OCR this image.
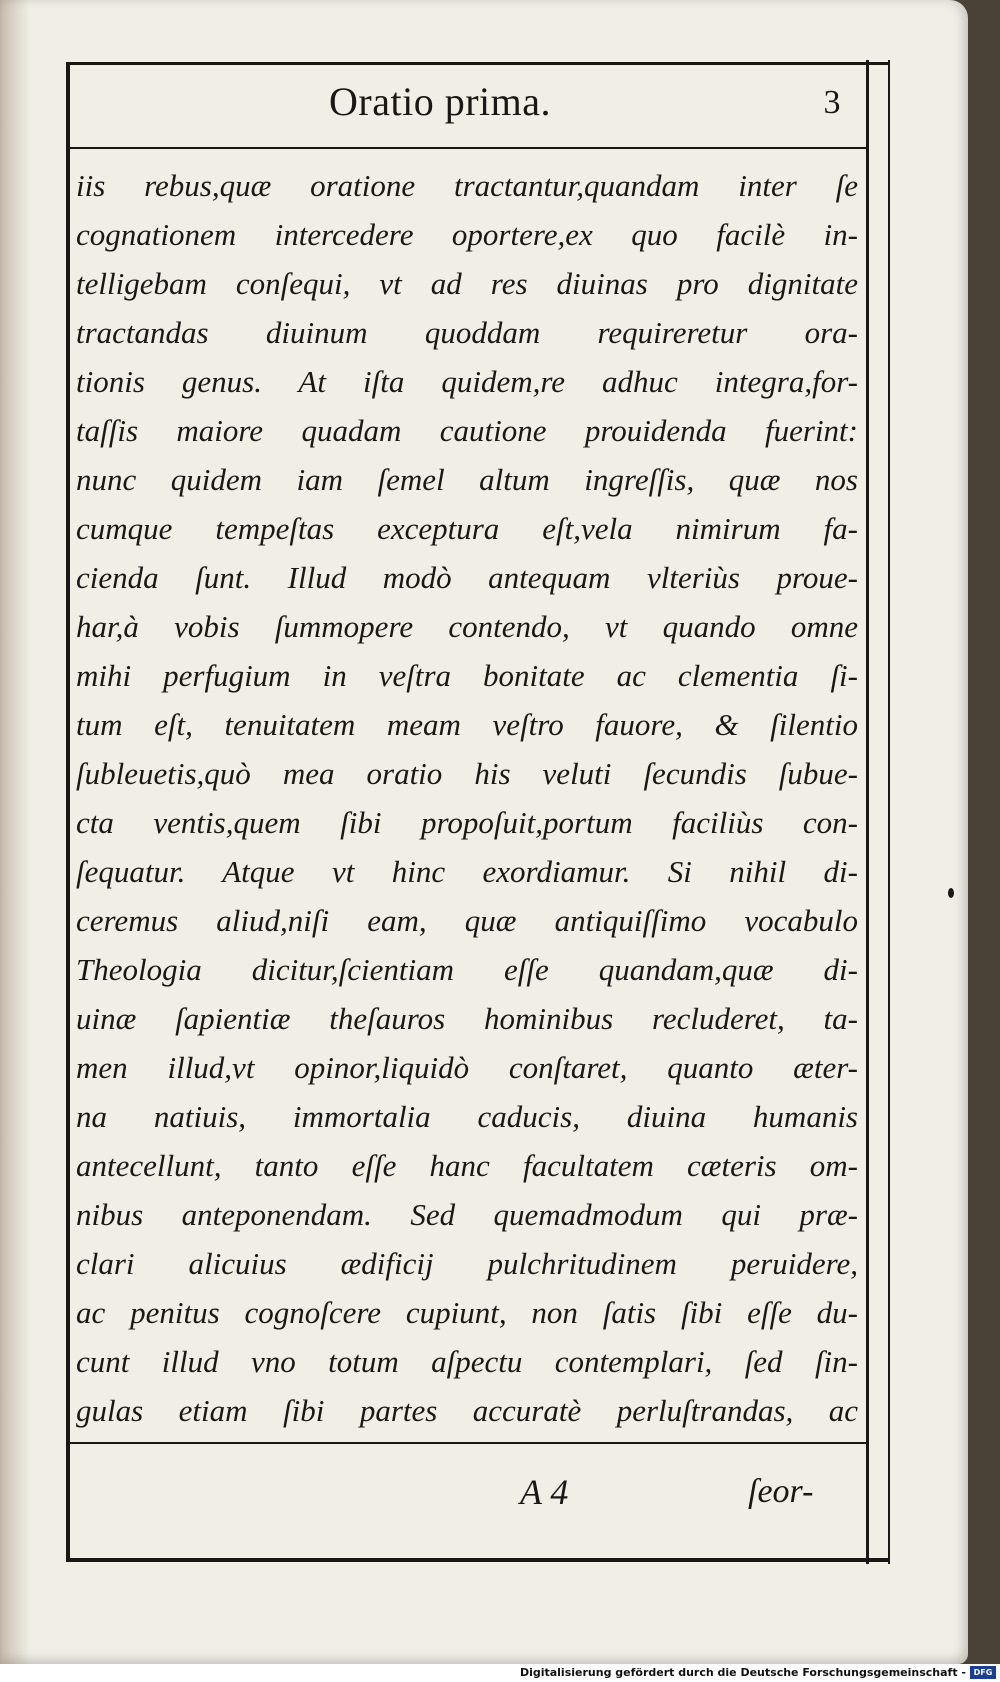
Oratio prima.	3
iis rebus,quæ oratione tractantur,quandam inter ſe
cognationem intercedere oportere,ex quo facilè in-
telligebam conſequi, vt ad res diuinas pro dignitate
tractandas diuinum quoddam requireretur ora-
tionis genus. At iſta quidem,re adhuc integra,for-
taſſis maiore quadam cautione prouidenda fuerint:
nunc quidem iam ſemel altum ingreſſis, quæ nos
cumque tempeſtas exceptura eſt,vela nimirum fa-
cienda ſunt. Illud modò antequam vlteriùs proue-
har,à vobis ſummopere contendo, vt quando omne
mihi perfugium in veſtra bonitate ac clementia ſi-
tum eſt, tenuitatem meam veſtro fauore, & ſilentio
ſubleuetis,quò mea oratio his veluti ſecundis ſubue-
cta ventis,quem ſibi propoſuit,portum faciliùs con-
ſequatur. Atque vt hinc exordiamur. Si nihil di-
ceremus aliud,niſi eam, quæ antiquiſſimo vocabulo
Theologia dicitur,ſcientiam eſſe quandam,quæ di-
uinæ ſapientiæ theſauros hominibus recluderet, ta-
men illud,vt opinor,liquidò conſtaret, quanto æter-
na natiuis, immortalia caducis, diuina humanis
antecellunt, tanto eſſe hanc facultatem cæteris om-
nibus anteponendam. Sed quemadmodum qui præ-
clari alicuius ædificij pulchritudinem peruidere,
ac penitus cognoſcere cupiunt, non ſatis ſibi eſſe du-
cunt illud vno totum aſpectu contemplari, ſed ſin-
gulas etiam ſibi partes accuratè perluſtrandas, ac
A 4	ſeor-
Digitalisierung gefördert durch die Deutsche Forschungsgemeinschaft - DFG
